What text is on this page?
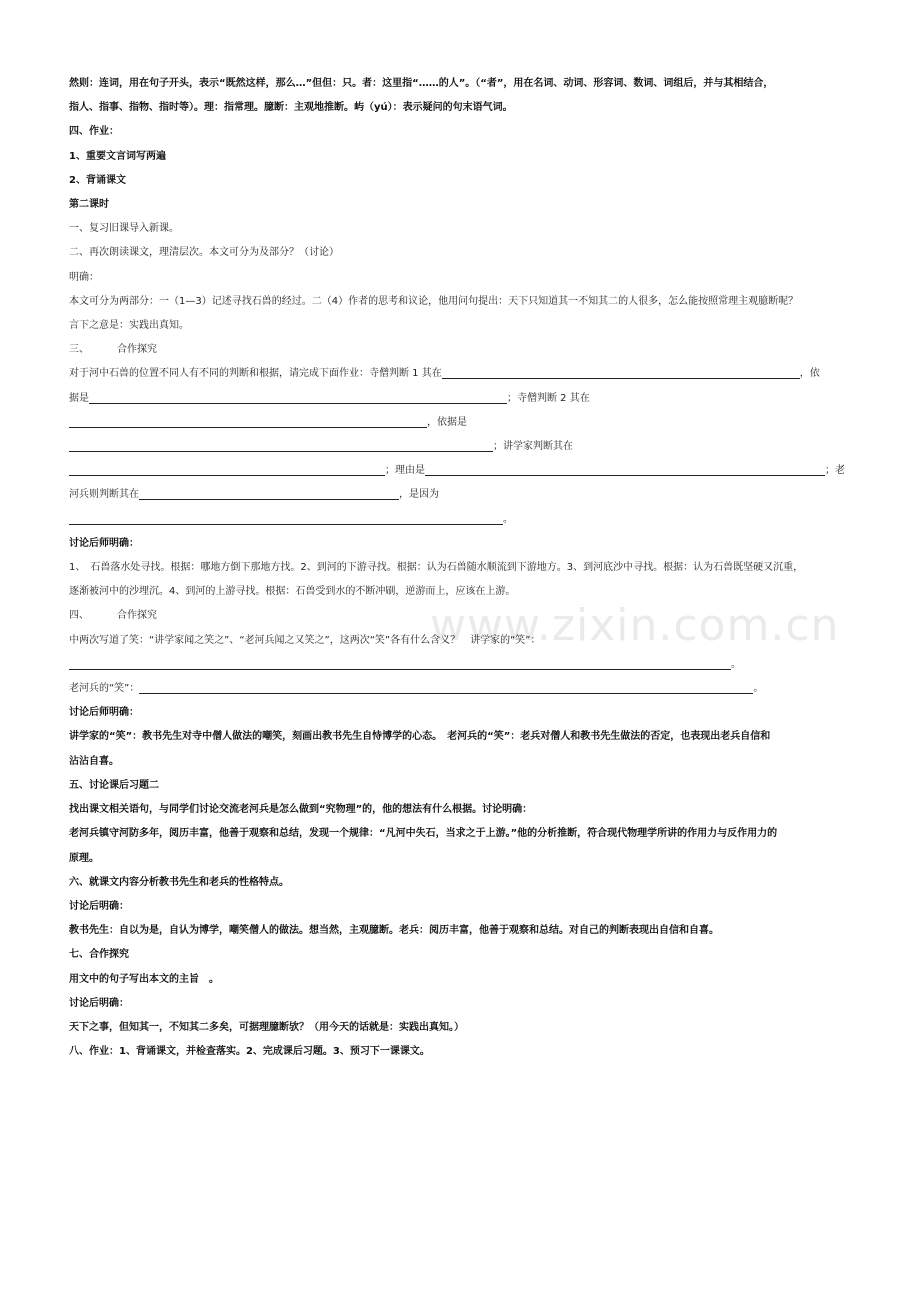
www.zixin.com.cn
然则：连词，用在句子开头，表示“既然这样，那么…”但但：只。者：这里指“……的人”。（“者”，用在名词、动词、形容词、数词、词组后，并与其相结合，
指人、指事、指物、指时等）。理：指常理。臆断：主观地推断。屿（yú）：表示疑问的句末语气词。
四、作业：
1、重要文言词写两遍
2、背诵课文
第二课时
一、复习旧课导入新课。
二、再次朗读课文，理清层次。本文可分为及部分？（讨论）
明确：
本文可分为两部分：一（1—3）记述寻找石兽的经过。二（4）作者的思考和议论，他用问句提出：天下只知道其一不知其二的人很多，怎么能按照常理主观臆断呢？
言下之意是：实践出真知。
三、	合作探究
对于河中石兽的位置不同人有不同的判断和根据，请完成下面作业：寺僧判断 1 其在	，依
据是	；寺僧判断 2 其在
，依据是
；讲学家判断其在
；理由是	；老
河兵则判断其在	，是因为
。
讨论后师明确：
1、　石兽落水处寻找。根据：哪地方倒下那地方找。2、到河的下游寻找。根据：认为石兽随水顺流到下游地方。3、到河底沙中寻找。根据：认为石兽既坚硬又沉重，
逐渐被河中的沙埋沉。4、到河的上游寻找。根据：石兽受到水的不断冲刷，逆游而上，应该在上游。
四、	合作探究
中两次写道了笑：“讲学家闻之笑之”、“老河兵闻之又笑之”，这两次“笑”各有什么含义？　讲学家的“笑”：
。
老河兵的“笑”：	。
讨论后师明确：
讲学家的“笑”：教书先生对寺中僧人做法的嘲笑，刻画出教书先生自恃博学的心态。　老河兵的“笑”：老兵对僧人和教书先生做法的否定，也表现出老兵自信和
沾沾自喜。
五、讨论课后习题二
找出课文相关语句，与同学们讨论交流老河兵是怎么做到“究物理”的，他的想法有什么根据。讨论明确：
老河兵镇守河防多年，阅历丰富，他善于观察和总结，发现一个规律：“凡河中失石，当求之于上游。”他的分析推断，符合现代物理学所讲的作用力与反作用力的
原理。
六、就课文内容分析教书先生和老兵的性格特点。
讨论后明确：
教书先生：自以为是，自认为博学，嘲笑僧人的做法。想当然，主观臆断。老兵：阅历丰富，他善于观察和总结。对自己的判断表现出自信和自喜。
七、合作探究
用文中的句子写出本文的主旨　。
讨论后明确：
天下之事，但知其一，不知其二多矣，可据理臆断欤？（用今天的话就是：实践出真知。）
八、作业：1、背诵课文，并检查落实。2、完成课后习题。3、预习下一课课文。
